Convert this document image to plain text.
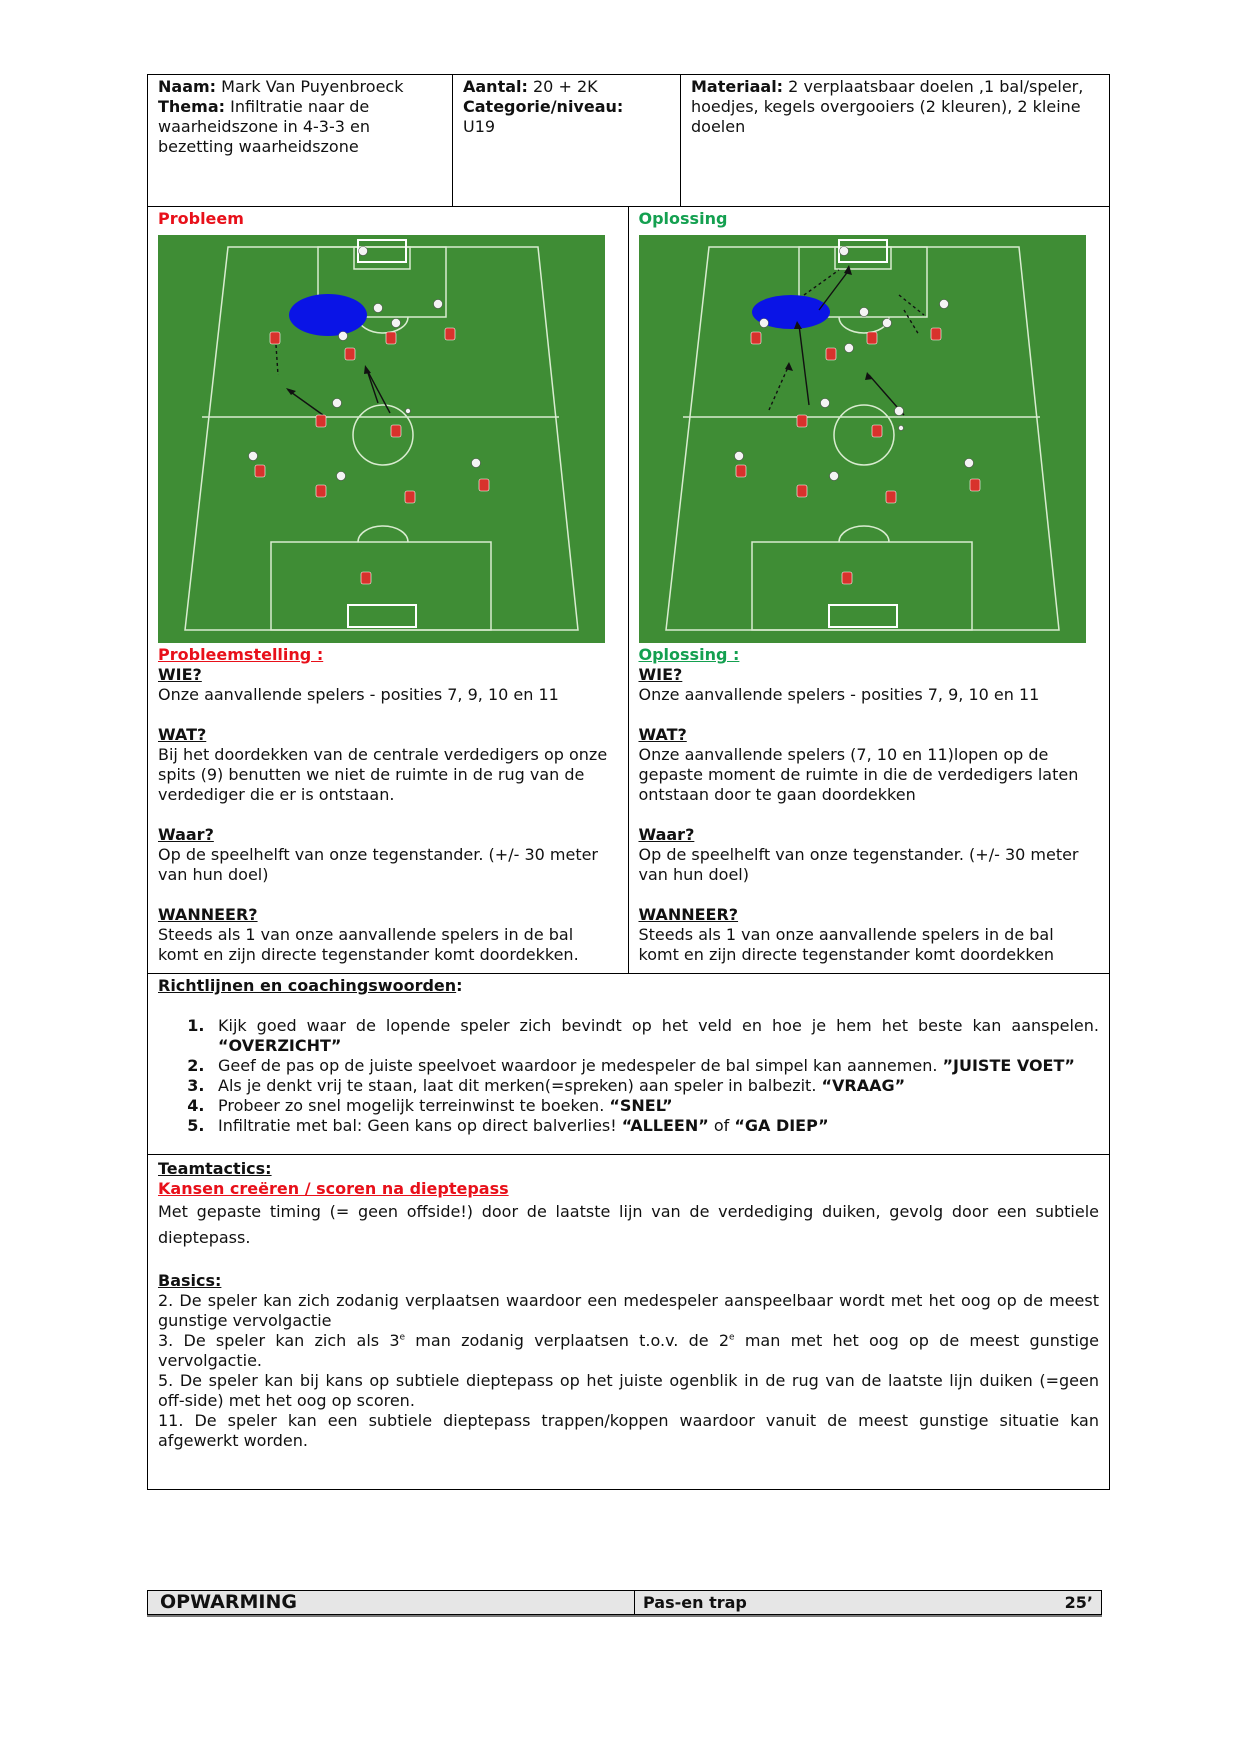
Naam: Mark Van Puyenbroeck
Thema: Infiltratie naar de waarheidszone in 4-3-3 en bezetting waarheidszone
Aantal: 20 + 2K
Categorie/niveau:
U19
Materiaal: 2 verplaatsbaar doelen ,1 bal/speler, hoedjes, kegels overgooiers (2 kleuren), 2 kleine doelen
Probleem
Probleemstelling :
WIE?
Onze aanvallende spelers - posities 7, 9, 10 en 11
WAT?
Bij het doordekken van de centrale verdedigers op onze spits (9) benutten we niet de ruimte in de rug van de verdediger die er is ontstaan.
Waar?
Op de speelhelft van onze tegenstander. (+/- 30 meter van hun doel)
WANNEER?
Steeds als 1 van onze aanvallende spelers in de bal komt en zijn directe tegenstander komt doordekken.
Oplossing
Oplossing :
WIE?
Onze aanvallende spelers - posities 7, 9, 10 en 11
WAT?
Onze aanvallende spelers (7, 10 en 11)lopen op de gepaste moment de ruimte in die de verdedigers laten ontstaan door te gaan doordekken
Waar?
Op de speelhelft van onze tegenstander. (+/- 30 meter van hun doel)
WANNEER?
Steeds als 1 van onze aanvallende spelers in de bal komt en zijn directe tegenstander komt doordekken
Richtlijnen en coachingswoorden:
1. Kijk goed waar de lopende speler zich bevindt op het veld en hoe je hem het beste kan aanspelen. “OVERZICHT”
2. Geef de pas op de juiste speelvoet waardoor je medespeler de bal simpel kan aannemen. ”JUISTE VOET”
3. Als je denkt vrij te staan, laat dit merken(=spreken) aan speler in balbezit. “VRAAG”
4. Probeer zo snel mogelijk terreinwinst te boeken. “SNEL”
5. Infiltratie met bal: Geen kans op direct balverlies! “ALLEEN” of “GA DIEP”
Teamtactics:
Kansen creëren / scoren na dieptepass
Met gepaste timing (= geen offside!) door de laatste lijn van de verdediging duiken, gevolg door een subtiele dieptepass.
Basics:
2. De speler kan zich zodanig verplaatsen waardoor een medespeler aanspeelbaar wordt met het oog op de meest gunstige vervolgactie
3. De speler kan zich als 3e man zodanig verplaatsen t.o.v. de 2e man met het oog op de meest gunstige vervolgactie.
5. De speler kan bij kans op subtiele dieptepass op het juiste ogenblik in de rug van de laatste lijn duiken (=geen off-side) met het oog op scoren.
11. De speler kan een subtiele dieptepass trappen/koppen waardoor vanuit de meest gunstige situatie kan afgewerkt worden.
OPWARMING	Pas-en trap	25’
